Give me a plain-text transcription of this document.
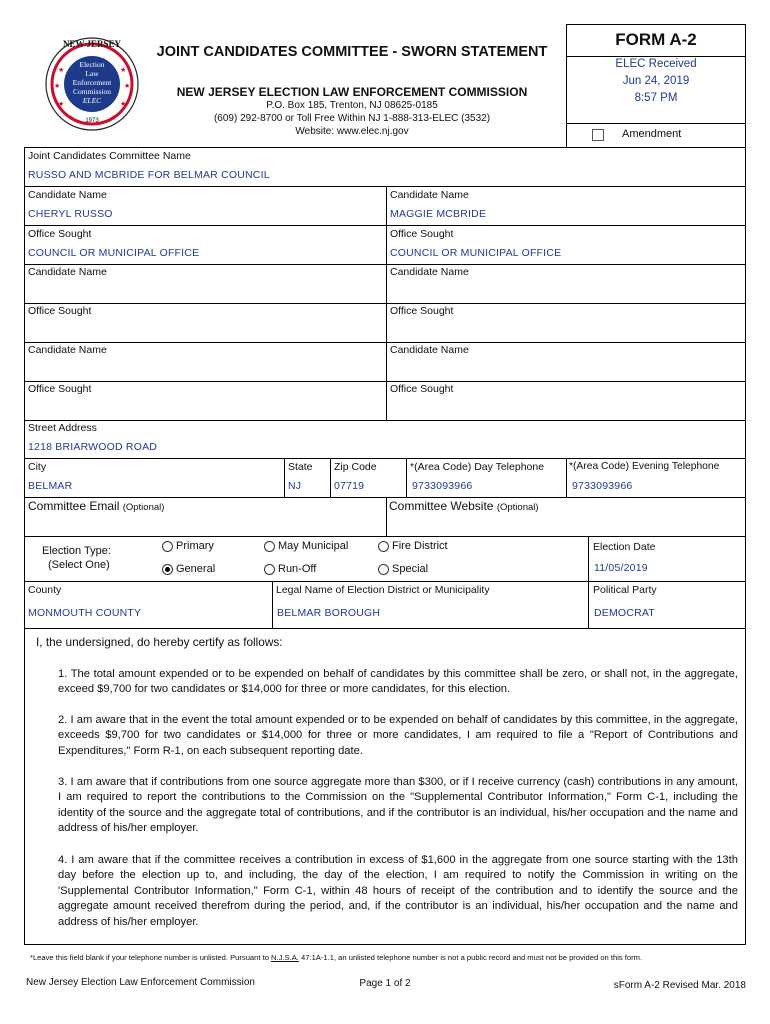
★	★
★	★
★	★
★	★
NEW JERSEY
Election
Law
Enforcement
Commission
ELEC
1973
JOINT CANDIDATES COMMITTEE - SWORN STATEMENT
NEW JERSEY ELECTION LAW ENFORCEMENT COMMISSION
P.O. Box 185, Trenton, NJ 08625-0185
(609) 292-8700 or Toll Free Within NJ 1-888-313-ELEC (3532)
Website: www.elec.nj.gov
FORM A-2
ELEC Received
Jun 24, 2019
8:57 PM
Amendment
Joint Candidates Committee Name
RUSSO AND MCBRIDE FOR BELMAR COUNCIL
Candidate Name
CHERYL RUSSO
Candidate Name
MAGGIE MCBRIDE
Office Sought
COUNCIL OR MUNICIPAL OFFICE
Office Sought
COUNCIL OR MUNICIPAL OFFICE
Candidate Name	Candidate Name
Office Sought	Office Sought
Candidate Name	Candidate Name
Office Sought	Office Sought
Street Address
1218 BRIARWOOD ROAD
City
BELMAR
State
NJ
Zip Code
07719
*(Area Code) Day Telephone
9733093966
*(Area Code) Evening Telephone
9733093966
Committee Email (Optional)	Committee Website (Optional)
Election Type:
(Select One)
Primary
General
May Municipal
Run-Off
Fire District
Special
Election Date
11/05/2019
County
MONMOUTH COUNTY
Legal Name of Election District or Municipality
BELMAR BOROUGH
Political Party
DEMOCRAT
I, the undersigned, do hereby certify as follows:
1. The total amount expended or to be expended on behalf of candidates by this committee shall be zero, or shall not, in the aggregate, exceed $9,700 for two candidates or $14,000 for three or more candidates, for this election.
2. I am aware that in the event the total amount expended or to be expended on behalf of candidates by this committee, in the aggregate, exceeds $9,700 for two candidates or $14,000 for three or more candidates, I am required to file a "Report of Contributions and Expenditures," Form R-1, on each subsequent reporting date.
3. I am aware that if contributions from one source aggregate more than $300, or if I receive currency (cash) contributions in any amount, I am required to report the contributions to the Commission on the "Supplemental Contributor Information," Form C-1, including the identity of the source and the aggregate total of contributions, and if the contributor is an individual, his/her occupation and the name and address of his/her employer.
4. I am aware that if the committee receives a contribution in excess of $1,600 in the aggregate from one source starting with the 13th day before the election up to, and including, the day of the election, I am required to notify the Commission in writing on the 'Supplemental Contributor Information," Form C-1, within 48 hours of receipt of the contribution and to identify the source and the aggregate amount received therefrom during the period, and, if the contributor is an individual, his/her occupation and the name and address of his/her employer.
*Leave this field blank if your telephone number is unlisted. Pursuant to N.J.S.A. 47:1A-1.1, an unlisted telephone number is not a public record and must not be provided on this form.
New Jersey Election Law Enforcement Commission	Page 1 of 2	sForm A-2 Revised Mar. 2018
